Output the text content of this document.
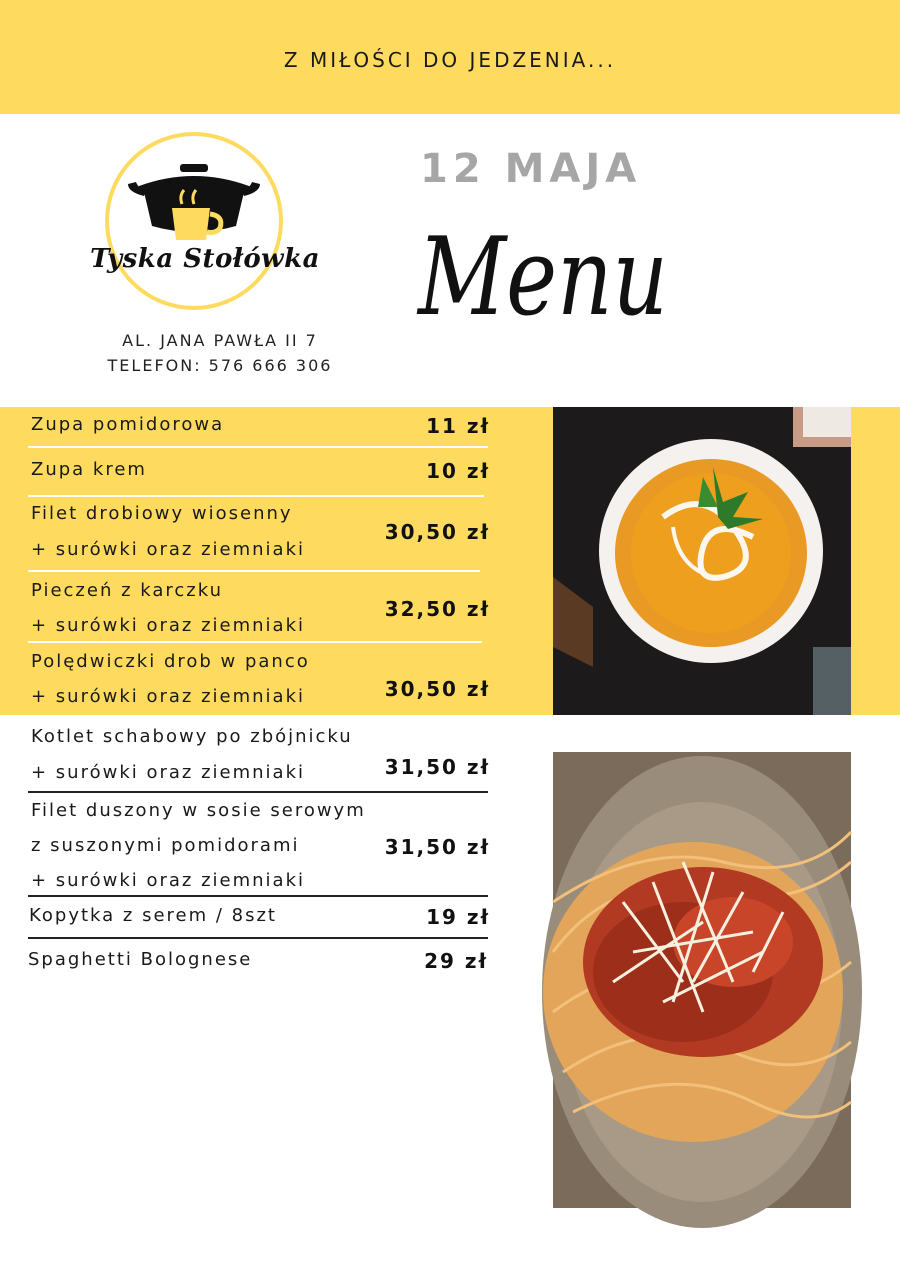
Z MIŁOŚCI DO JEDZENIA...
Tyska Stołówka
AL. JANA PAWŁA II 7
TELEFON: 576 666 306
12 MAJA
Menu
Zupa pomidorowa	11 zł
Zupa krem	10 zł
Filet drobiowy wiosenny
+ surówki oraz ziemniaki
30,50 zł
Pieczeń z karczku
+ surówki oraz ziemniaki
32,50 zł
Polędwiczki drob w panco
+ surówki oraz ziemniaki	30,50 zł
Kotlet schabowy po zbójnicku
+ surówki oraz ziemniaki	31,50 zł
Filet duszony w sosie serowym
z suszonymi pomidorami
+ surówki oraz ziemniaki
31,50 zł
Kopytka z serem / 8szt	19 zł
Spaghetti Bolognese	29 zł
